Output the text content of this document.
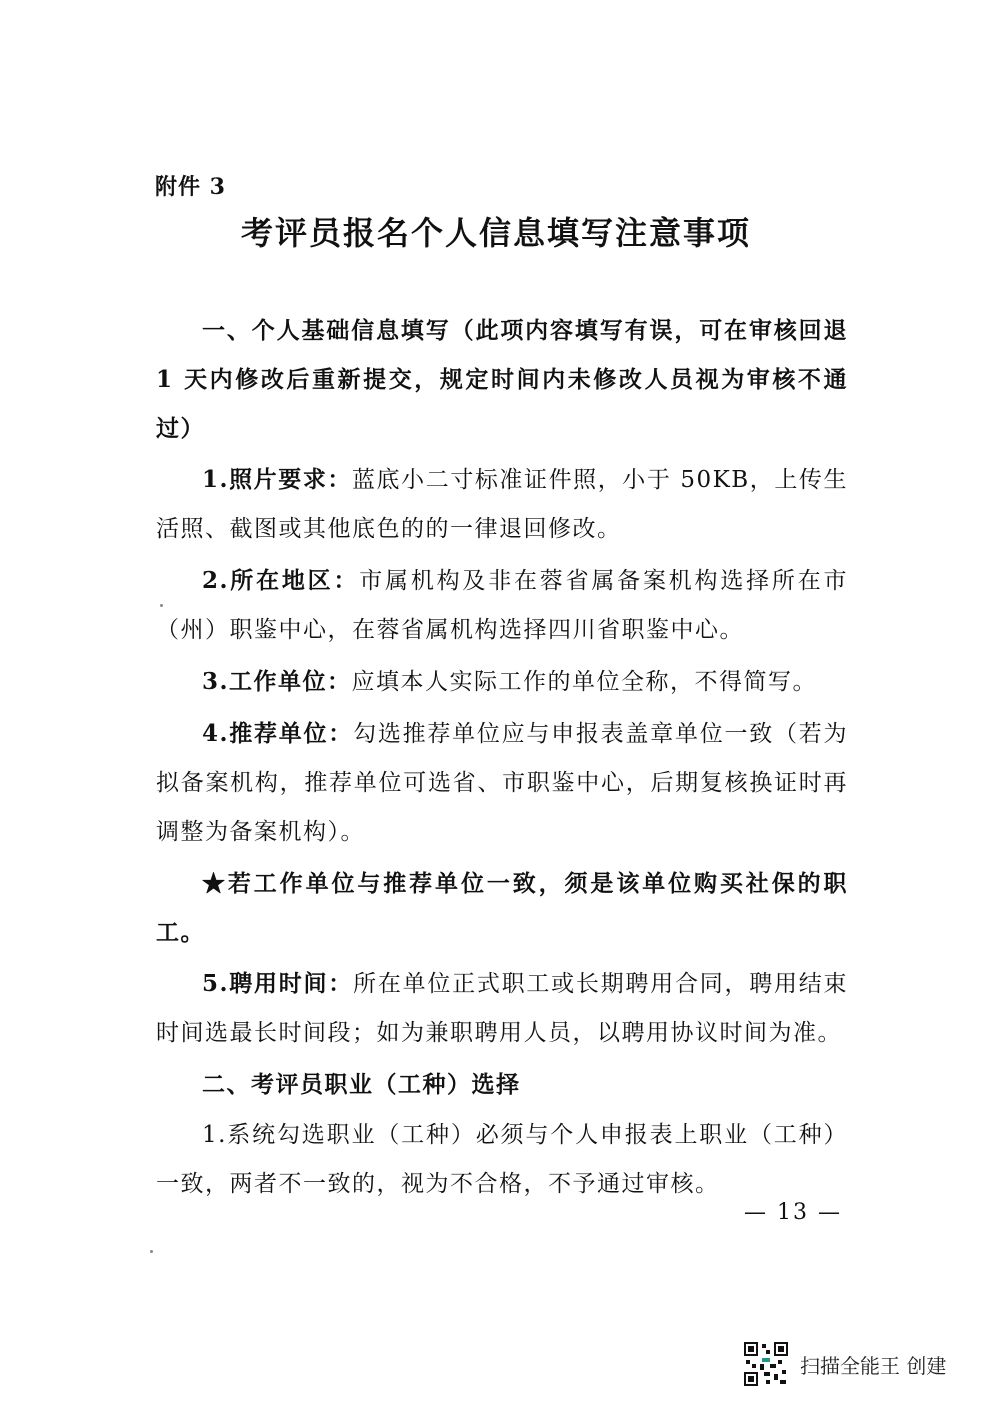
附件 3
考评员报名个人信息填写注意事项

一、个人基础信息填写（此项内容填写有误，可在审核回退 1 天内修改后重新提交，规定时间内未修改人员视为审核不通过）

1.照片要求：蓝底小二寸标准证件照，小于 50KB，上传生活照、截图或其他底色的的一律退回修改。

2.所在地区：市属机构及非在蓉省属备案机构选择所在市（州）职鉴中心，在蓉省属机构选择四川省职鉴中心。

3.工作单位：应填本人实际工作的单位全称，不得简写。

4.推荐单位：勾选推荐单位应与申报表盖章单位一致（若为拟备案机构，推荐单位可选省、市职鉴中心，后期复核换证时再调整为备案机构）。

★若工作单位与推荐单位一致，须是该单位购买社保的职工。

5.聘用时间：所在单位正式职工或长期聘用合同，聘用结束时间选最长时间段；如为兼职聘用人员，以聘用协议时间为准。

二、考评员职业（工种）选择

1.系统勾选职业（工种）必须与个人申报表上职业（工种）一致，两者不一致的，视为不合格，不予通过审核。

— 13 —
扫描全能王 创建
